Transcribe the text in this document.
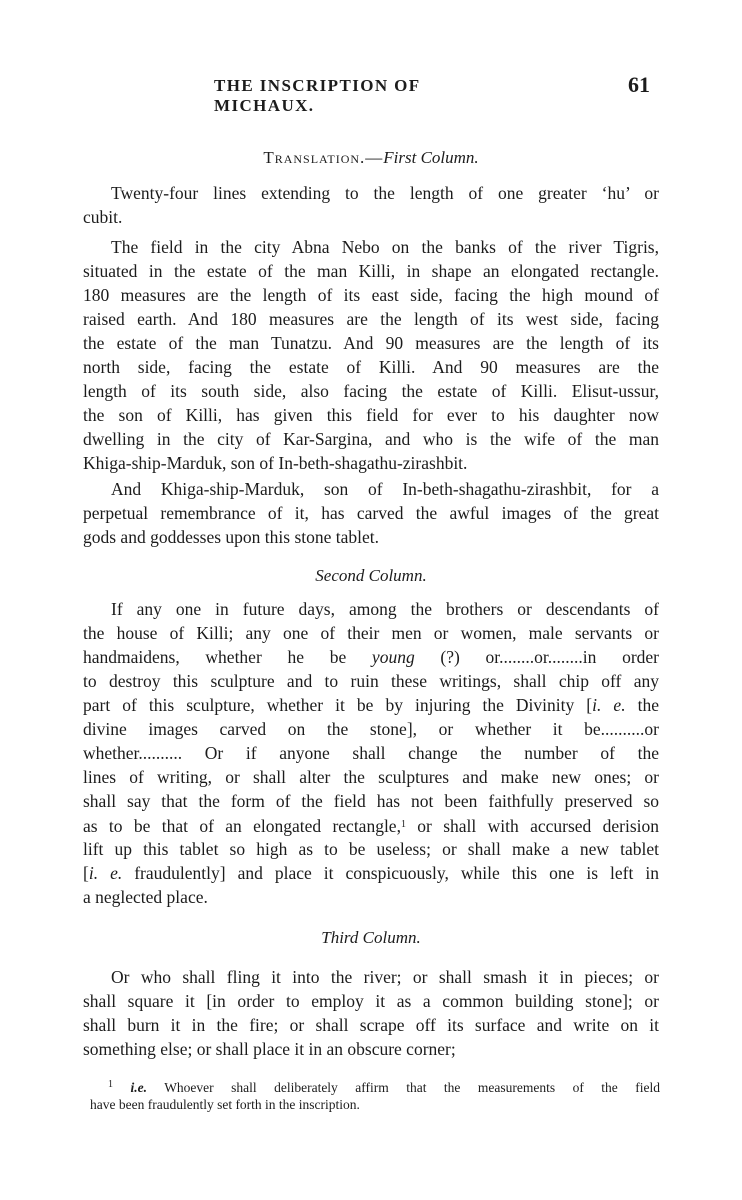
THE INSCRIPTION OF MICHAUX.
61
Translation.—First Column.
Twenty-four lines extending to the length of one greater ‘hu’ or
cubit.
The field in the city Abna Nebo on the banks of the river Tigris,
situated in the estate of the man Killi, in shape an elongated rectangle.
180 measures are the length of its east side, facing the high mound of
raised earth. And 180 measures are the length of its west side, facing
the estate of the man Tunatzu. And 90 measures are the length of its
north side, facing the estate of Killi. And 90 measures are the
length of its south side, also facing the estate of Killi. Elisut-ussur,
the son of Killi, has given this field for ever to his daughter now
dwelling in the city of Kar-Sargina, and who is the wife of the man
Khiga-ship-Marduk, son of In-beth-shagathu-zirashbit.
And Khiga-ship-Marduk, son of In-beth-shagathu-zirashbit, for a
perpetual remembrance of it, has carved the awful images of the great
gods and goddesses upon this stone tablet.
Second Column.
If any one in future days, among the brothers or descendants of
the house of Killi; any one of their men or women, male servants or
handmaidens, whether he be young (?) or........or........in order
to destroy this sculpture and to ruin these writings, shall chip off any
part of this sculpture, whether it be by injuring the Divinity [i. e. the
divine images carved on the stone], or whether it be..........or
whether.......... Or if anyone shall change the number of the
lines of writing, or shall alter the sculptures and make new ones; or
shall say that the form of the field has not been faithfully preserved so
as to be that of an elongated rectangle,$^1$ or shall with accursed derision
lift up this tablet so high as to be useless; or shall make a new tablet
[i. e. fraudulently] and place it conspicuously, while this one is left in
a neglected place.
Third Column.
Or who shall fling it into the river; or shall smash it in pieces; or
shall square it [in order to employ it as a common building stone]; or
shall burn it in the fire; or shall scrape off its surface and write on it
something else; or shall place it in an obscure corner;
$^1$ i.e. Whoever shall deliberately affirm that the measurements of the field
have been fraudulently set forth in the inscription.
